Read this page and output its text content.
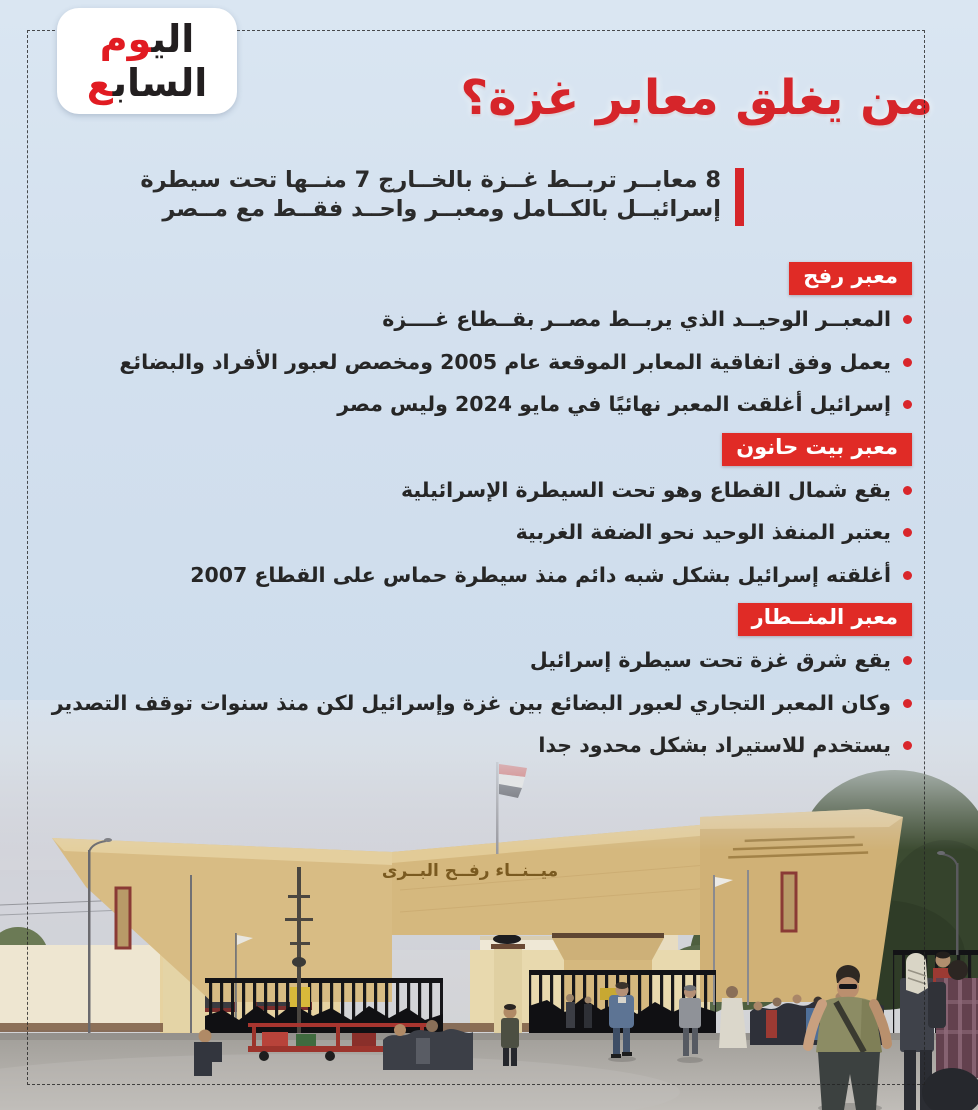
ميــنــاء رفــح البــرى
الي‍‍وم
الساب‍‍ع	من يغلق معابر غزة؟
8 معابــر تربــط غــزة بالخــارج 7 منــها تحت سيطرة
إسرائيــل بالكــامل ومعبــر واحــد فقــط مع مــصر
معبر رفح
المعبــر الوحيــد الذي يربــط مصــر بقــطاع غــــزة
يعمل وفق اتفاقية المعابر الموقعة عام 2005 ومخصص لعبور الأفراد والبضائع
إسرائيل أغلقت المعبر نهائيًا في مايو 2024 وليس مصر
معبر بيت حانون
يقع شمال القطاع وهو تحت السيطرة الإسرائيلية
يعتبر المنفذ الوحيد نحو الضفة الغربية
أغلقته إسرائيل بشكل شبه دائم منذ سيطرة حماس على القطاع 2007
معبر المنــطار
يقع شرق غزة تحت سيطرة إسرائيل
وكان المعبر التجاري لعبور البضائع بين غزة وإسرائيل لكن منذ سنوات توقف التصدير
يستخدم للاستيراد بشكل محدود جدا
